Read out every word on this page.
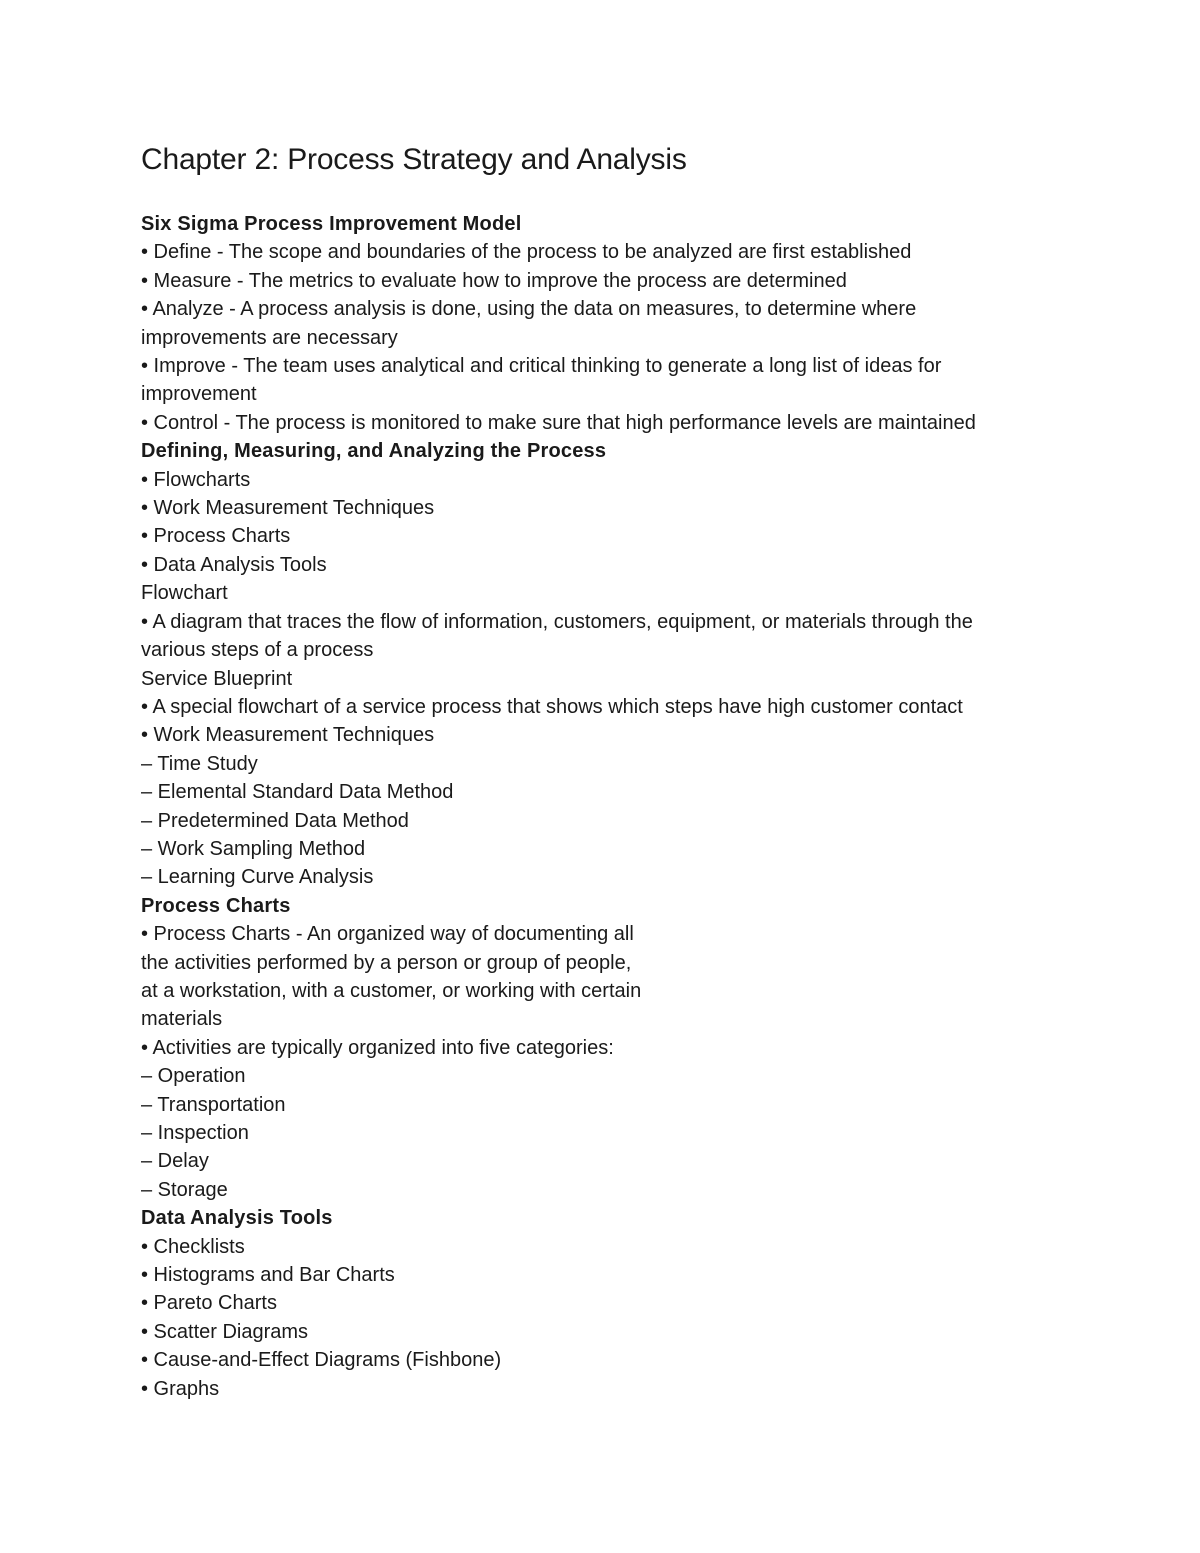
Chapter 2: Process Strategy and Analysis

Six Sigma Process Improvement Model

• Define - The scope and boundaries of the process to be analyzed are first established

• Measure - The metrics to evaluate how to improve the process are determined

• Analyze - A process analysis is done, using the data on measures, to determine where

improvements are necessary

• Improve - The team uses analytical and critical thinking to generate a long list of ideas for

improvement

• Control - The process is monitored to make sure that high performance levels are maintained

Defining, Measuring, and Analyzing the Process

• Flowcharts

• Work Measurement Techniques

• Process Charts

• Data Analysis Tools

Flowchart

• A diagram that traces the flow of information, customers, equipment, or materials through the

various steps of a process

Service Blueprint

• A special flowchart of a service process that shows which steps have high customer contact

• Work Measurement Techniques

– Time Study

– Elemental Standard Data Method

– Predetermined Data Method

– Work Sampling Method

– Learning Curve Analysis

Process Charts

• Process Charts - An organized way of documenting all

the activities performed by a person or group of people,

at a workstation, with a customer, or working with certain

materials

• Activities are typically organized into five categories:

– Operation

– Transportation

– Inspection

– Delay

– Storage

Data Analysis Tools

• Checklists

• Histograms and Bar Charts

• Pareto Charts

• Scatter Diagrams

• Cause-and-Effect Diagrams (Fishbone)

• Graphs
